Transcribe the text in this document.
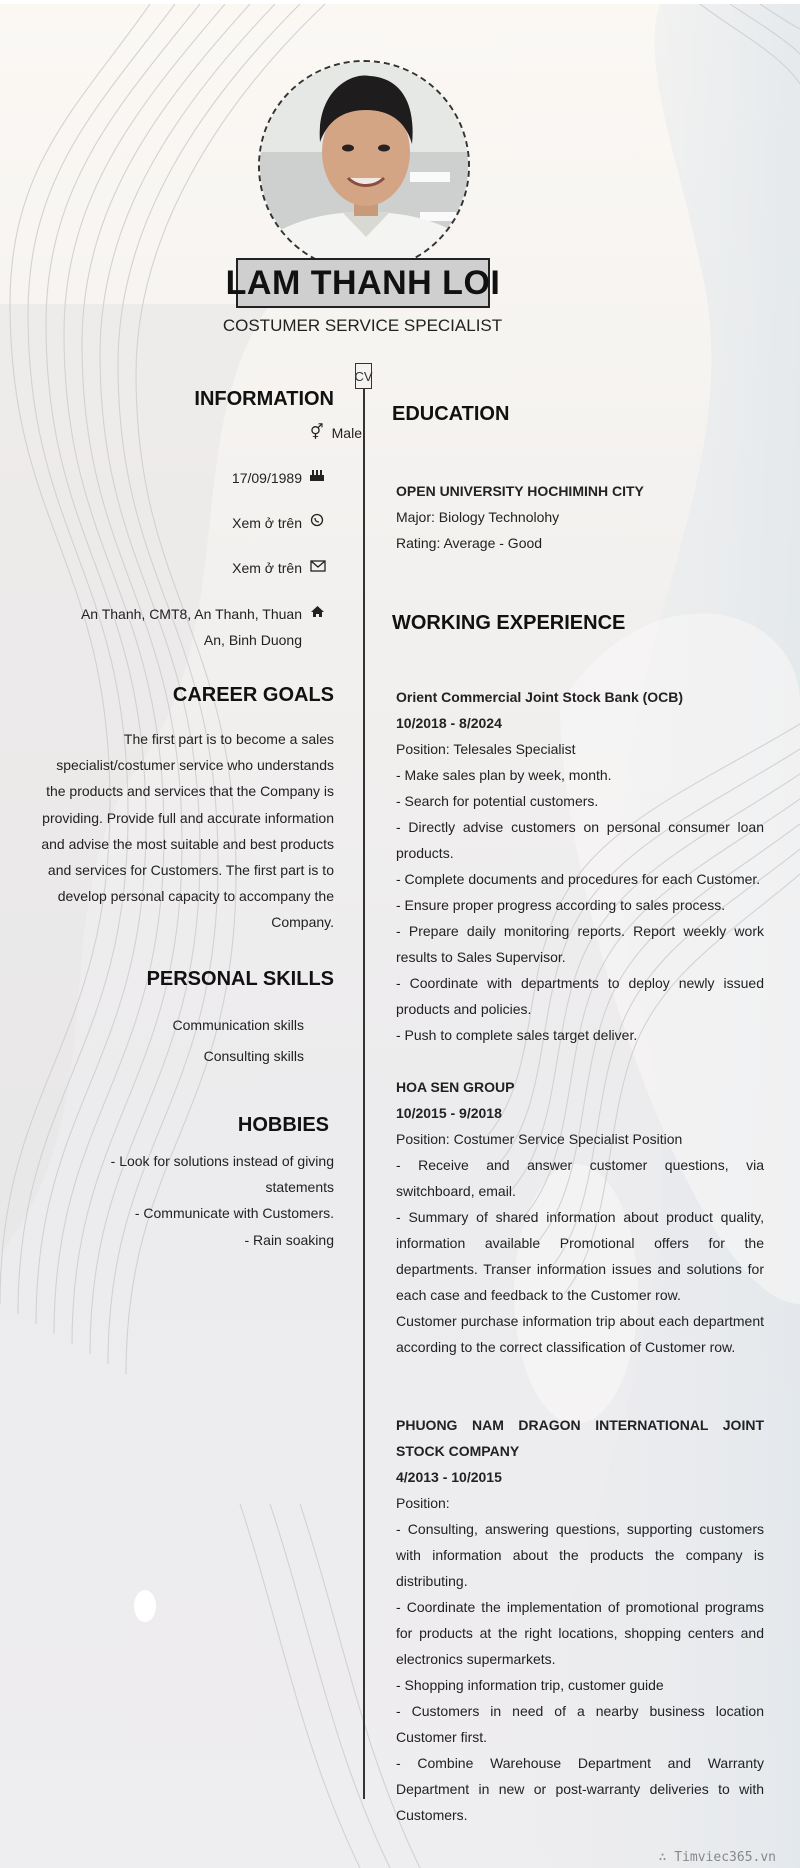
LAM THANH LOI
COSTUMER SERVICE SPECIALIST
CV
INFORMATION
Male
⚥
17/09/1989
Xem ở trên
Xem ở trên
An Thanh, CMT8, An Thanh, Thuan
An, Binh Duong
CAREER GOALS
The first part is to become a sales
specialist/costumer service who understands
the products and services that the Company is
providing. Provide full and accurate information
and advise the most suitable and best products
and services for Customers. The first part is to
develop personal capacity to accompany the
Company.
PERSONAL SKILLS
Communication skills
Consulting skills
HOBBIES
- Look for solutions instead of giving
statements
- Communicate with Customers.
- Rain soaking
EDUCATION
OPEN UNIVERSITY HOCHIMINH CITY
Major: Biology Technolohy
Rating: Average - Good
WORKING EXPERIENCE
Orient Commercial Joint Stock Bank (OCB)
10/2018 - 8/2024
Position: Telesales Specialist
- Make sales plan by week, month.
- Search for potential customers.
- Directly advise customers on personal consumer loan products.
- Complete documents and procedures for each Customer.
- Ensure proper progress according to sales process.
- Prepare daily monitoring reports. Report weekly work results to Sales Supervisor.
- Coordinate with departments to deploy newly issued products and policies.
- Push to complete sales target deliver.
HOA SEN GROUP
10/2015 - 9/2018
Position: Costumer Service Specialist Position
- Receive and answer customer questions, via switchboard, email.
- Summary of shared information about product quality, information available Promotional offers for the departments. Transer information issues and solutions for each case and feedback to the Customer row.
Customer purchase information trip about each department according to the correct classification of Customer row.
PHUONG NAM DRAGON INTERNATIONAL JOINT STOCK COMPANY
4/2013 - 10/2015
Position:
- Consulting, answering questions, supporting customers with information about the products the company is distributing.
- Coordinate the implementation of promotional programs for products at the right locations, shopping centers and electronics supermarkets.
- Shopping information trip, customer guide
- Customers in need of a nearby business location Customer first.
- Combine Warehouse Department and Warranty Department in new or post-warranty deliveries to with Customers.
∴ Timviec365.vn
